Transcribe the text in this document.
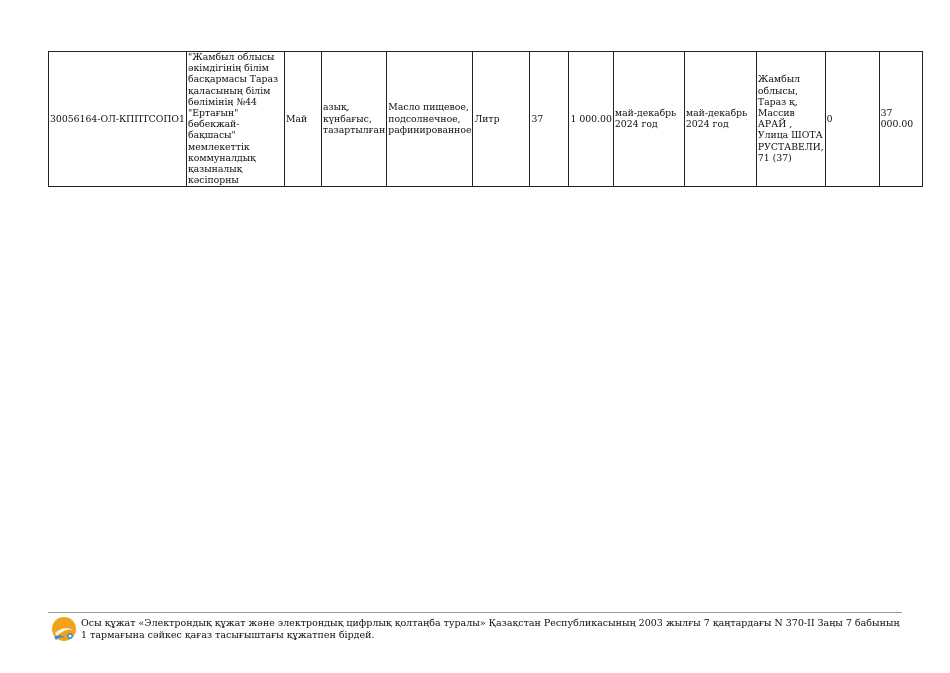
30056164-ОЛ-КППТСОПО1	"Жамбыл облысы әкімдігінің білім басқармасы Тараз қаласының білім бөлімінің №44 "Ертағын" бөбекжай-бақшасы" мемлекеттік коммуналдық қазыналық кәсіпорны	Май	азық, күнбағыс, тазартылған	Масло пищевое, подсолнечное, рафинированное	Литр	37	1 000.00	май-декабрь 2024 год	май-декабрь 2024 год	Жамбыл облысы, Тараз қ, Массив АРАЙ , Улица ШОТА РУСТАВЕЛИ, 71 (37)	0	37 000.00
Осы құжат «Электрондық құжат және электрондық цифрлық қолтаңба туралы» Қазақстан Республикасының 2003 жылғы 7 қаңтардағы N 370-II Заңы 7 бабының 1 тармағына сәйкес қағаз тасығыштағы құжатпен бірдей.
